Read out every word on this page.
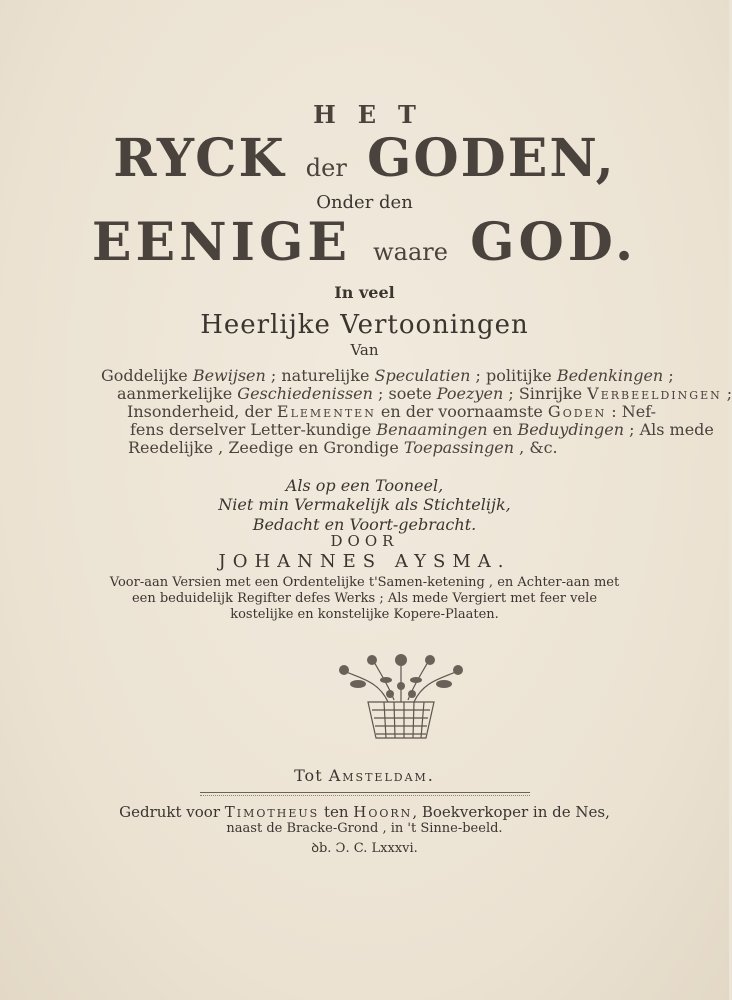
HET
RYCK der GODEN,
Onder den
EENIGE waare GOD.
In veel
Heerlijke Vertooningen
Van
Goddelijke Bewijsen ; naturelijke Speculatien ; politijke Bedenkingen ;
aanmerkelijke Geschiedenissen ; soete Poezyen ; Sinrijke Verbeeldingen ;
Insonderheid, der Elementen en der voornaamste Goden : Nef-
fens derselver Letter-kundige Benaamingen en Beduydingen ; Als mede
Reedelijke , Zeedige en Grondige Toepassingen , &c.
Als op een Tooneel,
Niet min Vermakelijk als Stichtelijk,
Bedacht en Voort-gebracht.
DOOR
JOHANNES AYSMA.
Voor-aan Versien met een Ordentelijke t'Samen-ketening , en Achter-aan met
een beduidelijk Regifter defes Werks ; Als mede Vergiert met feer vele
kostelijke en konstelijke Kopere-Plaaten.
Tot Amsteldam.
Gedrukt voor Timotheus ten Hoorn, Boekverkoper in de Nes,
naast de Bracke-Grond , in 't Sinne-beeld.
ꝺb. Ɔ. C. Lxxxvi.
